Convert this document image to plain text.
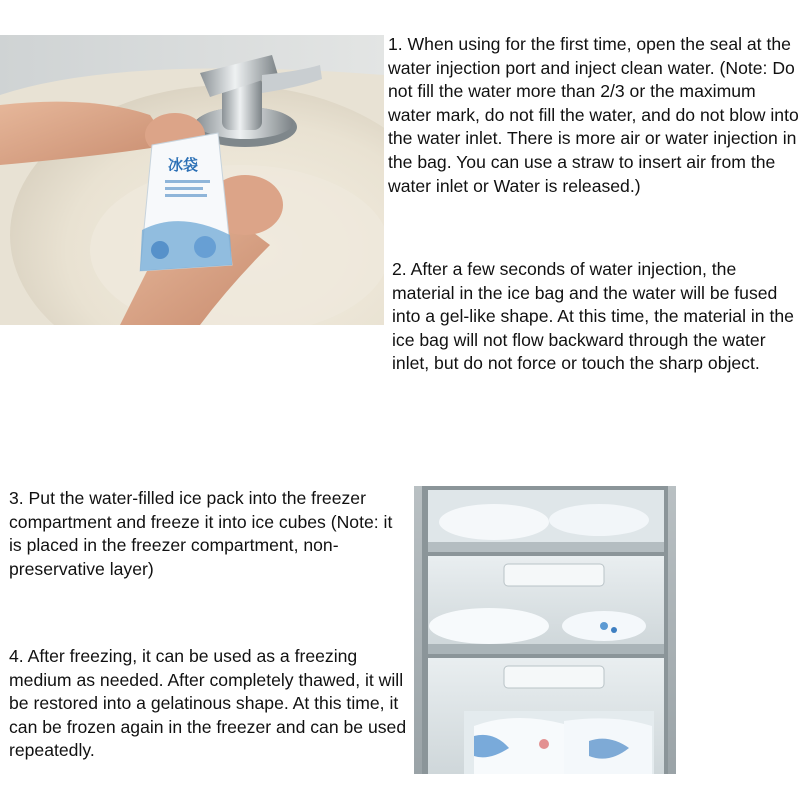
冰袋
1. When using for the first time, open the seal at the water injection port and inject clean water. (Note: Do not fill the water more than 2/3 or the maximum water mark, do not fill the water, and do not blow into the water inlet. There is more air or water injection in the bag. You can use a straw to insert air from the water inlet or Water is released.)
2. After a few seconds of water injection, the material in the ice bag and the water will be fused into a gel-like shape. At this time, the material in the ice bag will not flow backward through the water inlet, but do not force or touch the sharp object.
3. Put the water-filled ice pack into the freezer compartment and freeze it into ice cubes (Note: it is placed in the freezer compartment, non-preservative layer)
4. After freezing, it can be used as a freezing medium as needed. After completely thawed, it will be restored into a gelatinous shape. At this time, it can be frozen again in the freezer and can be used repeatedly.
